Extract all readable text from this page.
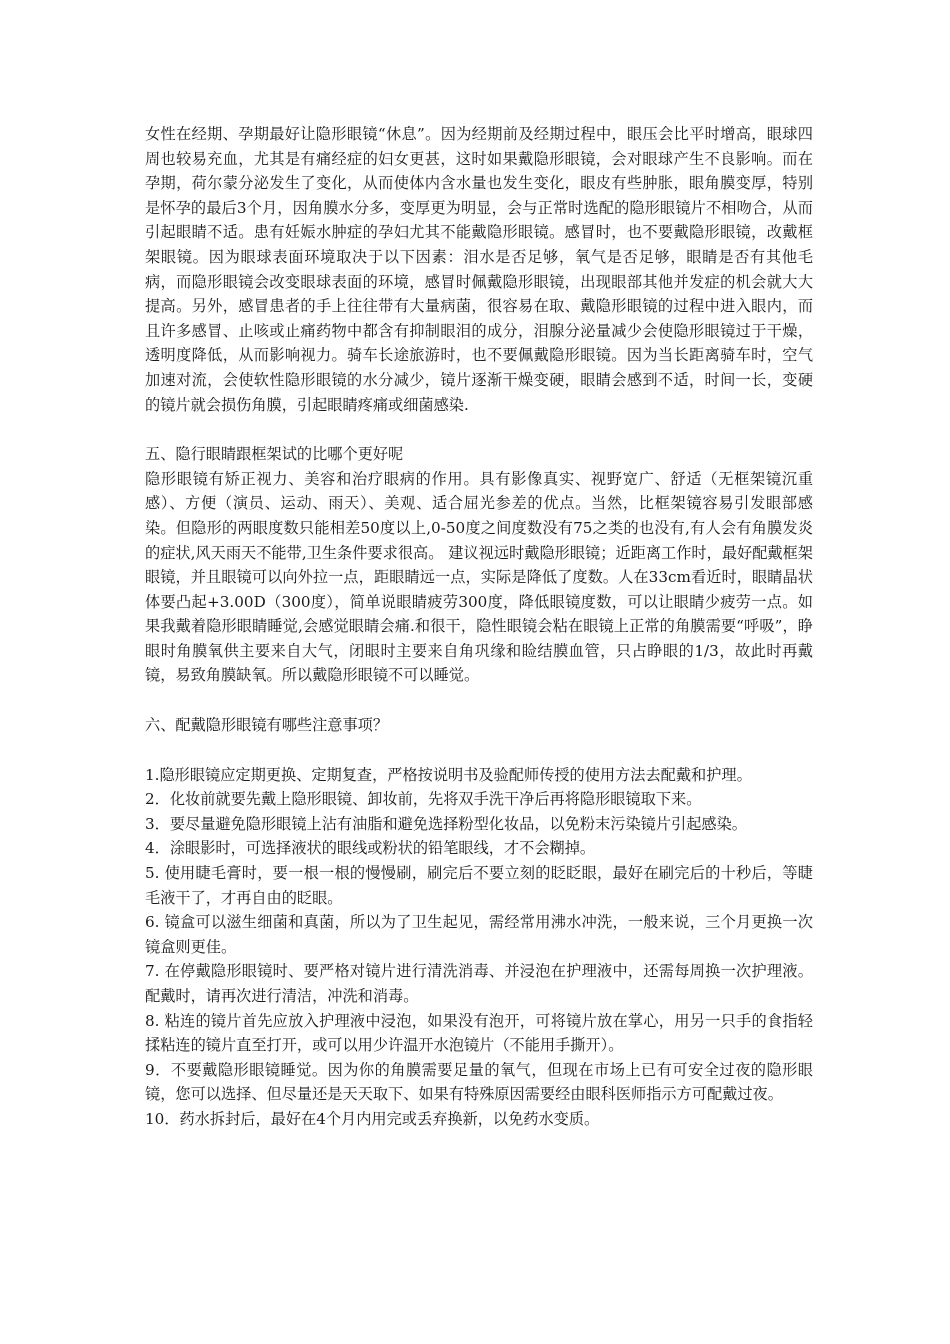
女性在经期、孕期最好让隐形眼镜“休息”。因为经期前及经期过程中，眼压会比平时增高，眼球四周也较易充血，尤其是有痛经症的妇女更甚，这时如果戴隐形眼镜，会对眼球产生不良影响。而在孕期，荷尔蒙分泌发生了变化，从而使体内含水量也发生变化，眼皮有些肿胀，眼角膜变厚，特别是怀孕的最后3个月，因角膜水分多，变厚更为明显，会与正常时选配的隐形眼镜片不相吻合，从而引起眼睛不适。患有妊娠水肿症的孕妇尤其不能戴隐形眼镜。感冒时，也不要戴隐形眼镜，改戴框架眼镜。因为眼球表面环境取决于以下因素：泪水是否足够，氧气是否足够，眼睛是否有其他毛病，而隐形眼镜会改变眼球表面的环境，感冒时佩戴隐形眼镜，出现眼部其他并发症的机会就大大提高。另外，感冒患者的手上往往带有大量病菌，很容易在取、戴隐形眼镜的过程中进入眼内，而且许多感冒、止咳或止痛药物中都含有抑制眼泪的成分，泪腺分泌量减少会使隐形眼镜过于干燥，透明度降低，从而影响视力。骑车长途旅游时，也不要佩戴隐形眼镜。因为当长距离骑车时，空气加速对流，会使软性隐形眼镜的水分减少，镜片逐渐干燥变硬，眼睛会感到不适，时间一长，变硬的镜片就会损伤角膜，引起眼睛疼痛或细菌感染.

五、隐行眼睛跟框架试的比哪个更好呢

隐形眼镜有矫正视力、美容和治疗眼病的作用。具有影像真实、视野宽广、舒适（无框架镜沉重感）、方便（演员、运动、雨天）、美观、适合屈光参差的优点。当然，比框架镜容易引发眼部感染。但隐形的两眼度数只能相差50度以上,0-50度之间度数没有75之类的也没有,有人会有角膜发炎的症状,风天雨天不能带,卫生条件要求很高。 建议视远时戴隐形眼镜；近距离工作时，最好配戴框架眼镜，并且眼镜可以向外拉一点，距眼睛远一点，实际是降低了度数。人在33cm看近时，眼睛晶状体要凸起+3.00D（300度），简单说眼睛疲劳300度，降低眼镜度数，可以让眼睛少疲劳一点。如果我戴着隐形眼睛睡觉,会感觉眼睛会痛.和很干，隐性眼镜会粘在眼镜上正常的角膜需要“呼吸”，睁眼时角膜氧供主要来自大气，闭眼时主要来自角巩缘和睑结膜血管，只占睁眼的1/3，故此时再戴镜，易致角膜缺氧。所以戴隐形眼镜不可以睡觉。

六、配戴隐形眼镜有哪些注意事项？

1.隐形眼镜应定期更换、定期复查，严格按说明书及验配师传授的使用方法去配戴和护理。

2．化妆前就要先戴上隐形眼镜、卸妆前，先将双手洗干净后再将隐形眼镜取下来。

3．要尽量避免隐形眼镜上沾有油脂和避免选择粉型化妆品，以免粉末污染镜片引起感染。

4．涂眼影时，可选择液状的眼线或粉状的铅笔眼线，才不会糊掉。

5. 使用睫毛膏时，要一根一根的慢慢刷，刷完后不要立刻的眨眨眼，最好在刷完后的十秒后，等睫毛液干了，才再自由的眨眼。

6. 镜盒可以滋生细菌和真菌，所以为了卫生起见，需经常用沸水冲洗，一般来说，三个月更换一次镜盒则更佳。

7. 在停戴隐形眼镜时、要严格对镜片进行清洗消毒、并浸泡在护理液中，还需每周换一次护理液。配戴时，请再次进行清洁，冲洗和消毒。

8. 粘连的镜片首先应放入护理液中浸泡，如果没有泡开，可将镜片放在掌心，用另一只手的食指轻揉粘连的镜片直至打开，或可以用少许温开水泡镜片（不能用手撕开）。

9．不要戴隐形眼镜睡觉。因为你的角膜需要足量的氧气，但现在市场上已有可安全过夜的隐形眼镜，您可以选择、但尽量还是天天取下、如果有特殊原因需要经由眼科医师指示方可配戴过夜。

10．药水拆封后，最好在4个月内用完或丢弃换新，以免药水变质。
